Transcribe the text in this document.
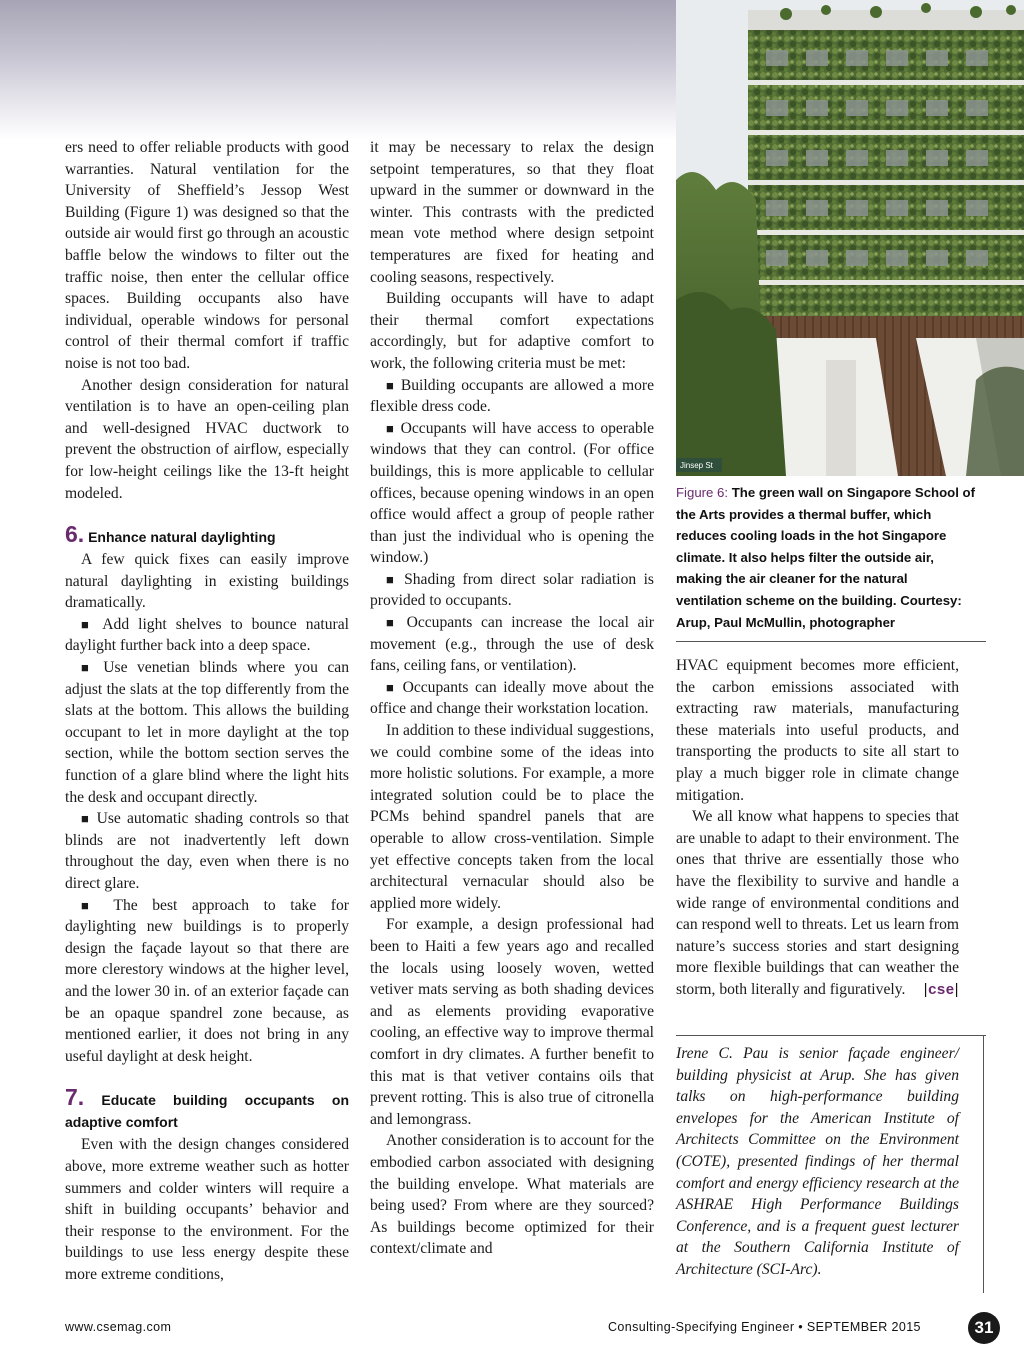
ers need to offer reliable products with good warranties. Natural ventilation for the University of Sheffield’s Jessop West Building (Figure 1) was designed so that the outside air would first go through an acoustic baffle below the windows to filter out the traffic noise, then enter the cellular office spaces. Building occupants also have individual, operable windows for personal control of their thermal comfort if traffic noise is not too bad.

Another design consideration for natural ventilation is to have an open-ceiling plan and well-designed HVAC ductwork to prevent the obstruction of airflow, especially for low-height ceilings like the 13-ft height modeled.

6. Enhance natural daylighting

A few quick fixes can easily improve natural daylighting in existing buildings dramatically.

■ Add light shelves to bounce natural daylight further back into a deep space.

■ Use venetian blinds where you can adjust the slats at the top differently from the slats at the bottom. This allows the building occupant to let in more daylight at the top section, while the bottom section serves the function of a glare blind where the light hits the desk and occupant directly.

■ Use automatic shading controls so that blinds are not inadvertently left down throughout the day, even when there is no direct glare.

■ The best approach to take for daylighting new buildings is to properly design the façade layout so that there are more clerestory windows at the higher level, and the lower 30 in. of an exterior façade can be an opaque spandrel zone because, as mentioned earlier, it does not bring in any useful daylight at desk height.

7. Educate building occupants on adaptive comfort

Even with the design changes considered above, more extreme weather such as hotter summers and colder winters will require a shift in building occupants’ behavior and their response to the environment. For the buildings to use less energy despite these more extreme conditions,

it may be necessary to relax the design setpoint temperatures, so that they float upward in the summer or downward in the winter. This contrasts with the predicted mean vote method where design setpoint temperatures are fixed for heating and cooling seasons, respectively.

Building occupants will have to adapt their thermal comfort expectations accordingly, but for adaptive comfort to work, the following criteria must be met:

■ Building occupants are allowed a more flexible dress code.

■ Occupants will have access to operable windows that they can control. (For office buildings, this is more applicable to cellular offices, because opening windows in an open office would affect a group of people rather than just the individual who is opening the window.)

■ Shading from direct solar radiation is provided to occupants.

■ Occupants can increase the local air movement (e.g., through the use of desk fans, ceiling fans, or ventilation).

■ Occupants can ideally move about the office and change their workstation location.

In addition to these individual suggestions, we could combine some of the ideas into more holistic solutions. For example, a more integrated solution could be to place the PCMs behind spandrel panels that are operable to allow cross-ventilation. Simple yet effective concepts taken from the local architectural vernacular should also be applied more widely.

For example, a design professional had been to Haiti a few years ago and recalled the locals using loosely woven, wetted vetiver mats serving as both shading devices and as elements providing evaporative cooling, an effective way to improve thermal comfort in dry climates. A further benefit to this mat is that vetiver contains oils that prevent rotting. This is also true of citronella and lemongrass.

Another consideration is to account for the embodied carbon associated with designing the building envelope. What materials are being used? From where are they sourced? As buildings become optimized for their context/climate and

Jinsep St
Figure 6: The green wall on Singapore School of the Arts provides a thermal buffer, which reduces cooling loads in the hot Singapore climate. It also helps filter the outside air, making the air cleaner for the natural ventilation scheme on the building. Courtesy: Arup, Paul McMullin, photographer

HVAC equipment becomes more efficient, the carbon emissions associated with extracting raw materials, manufacturing these materials into useful products, and transporting the products to site all start to play a much bigger role in climate change mitigation.

We all know what happens to species that are unable to adapt to their environment. The ones that thrive are essentially those who have the flexibility to survive and handle a wide range of environmental conditions and can respond well to threats. Let us learn from nature’s success stories and start designing more flexible buildings that can weather the storm, both literally and figuratively.	|cse|

Irene C. Pau is senior façade engineer/ building physicist at Arup. She has given talks on high-performance building envelopes for the American Institute of Architects Committee on the Environment (COTE), presented findings of her thermal comfort and energy efficiency research at the ASHRAE High Performance Buildings Conference, and is a frequent guest lecturer at the Southern California Institute of Architecture (SCI-Arc).

www.csemag.com	Consulting-Specifying Engineer • SEPTEMBER 2015	31
